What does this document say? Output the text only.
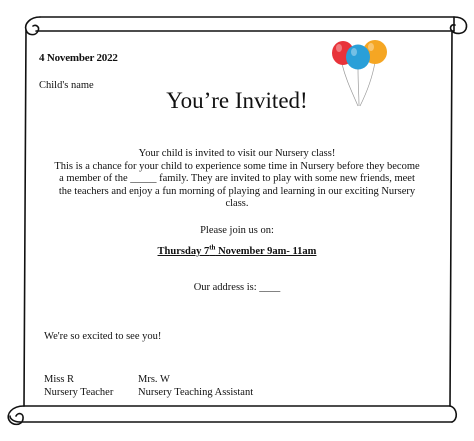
4 November 2022

Child's name

You’re Invited!

Your child is invited to visit our Nursery class!
This is a chance for your child to experience some time in Nursery before they become
a member of the _____ family. They are invited to play with some new friends, meet
the teachers and enjoy a fun morning of playing and learning in our exciting Nursery
class.

Please join us on:

Thursday 7th November 9am- 11am

Our address is: ____

We're so excited to see you!

Miss R
Nursery Teacher
Mrs. W
Nursery Teaching Assistant
